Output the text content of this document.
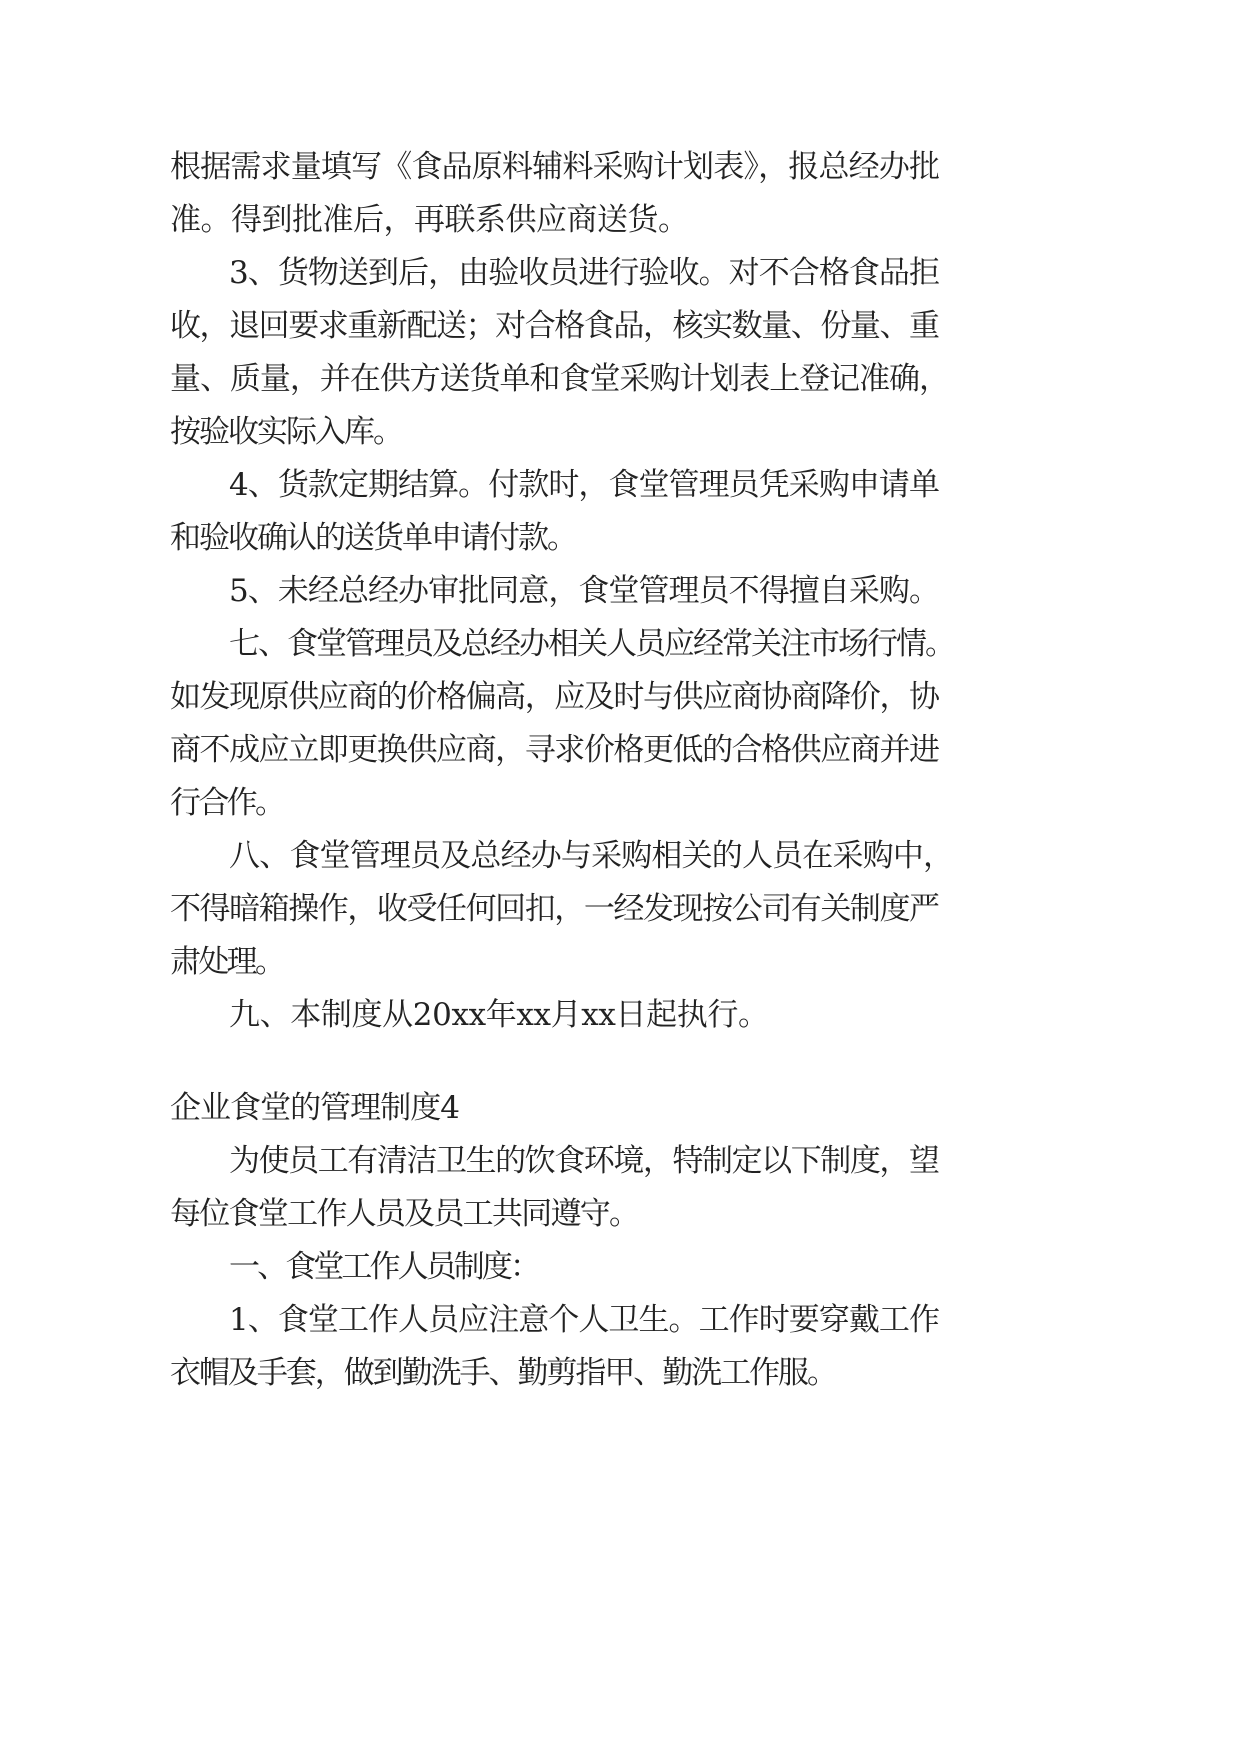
根据需求量填写《食品原料辅料采购计划表》，报总经办批
准。得到批准后，再联系供应商送货。
3、货物送到后，由验收员进行验收。对不合格食品拒
收，退回要求重新配送；对合格食品，核实数量、份量、重
量、质量，并在供方送货单和食堂采购计划表上登记准确，
按验收实际入库。
4、货款定期结算。付款时，食堂管理员凭采购申请单
和验收确认的送货单申请付款。
5、未经总经办审批同意，食堂管理员不得擅自采购。
七、食堂管理员及总经办相关人员应经常关注市场行情。
如发现原供应商的价格偏高，应及时与供应商协商降价，协
商不成应立即更换供应商，寻求价格更低的合格供应商并进
行合作。
八、食堂管理员及总经办与采购相关的人员在采购中，
不得暗箱操作，收受任何回扣，一经发现按公司有关制度严
肃处理。
九、本制度从20xx年xx月xx日起执行。
企业食堂的管理制度4
为使员工有清洁卫生的饮食环境，特制定以下制度，望
每位食堂工作人员及员工共同遵守。
一、食堂工作人员制度：
1、食堂工作人员应注意个人卫生。工作时要穿戴工作
衣帽及手套，做到勤洗手、勤剪指甲、勤洗工作服。
